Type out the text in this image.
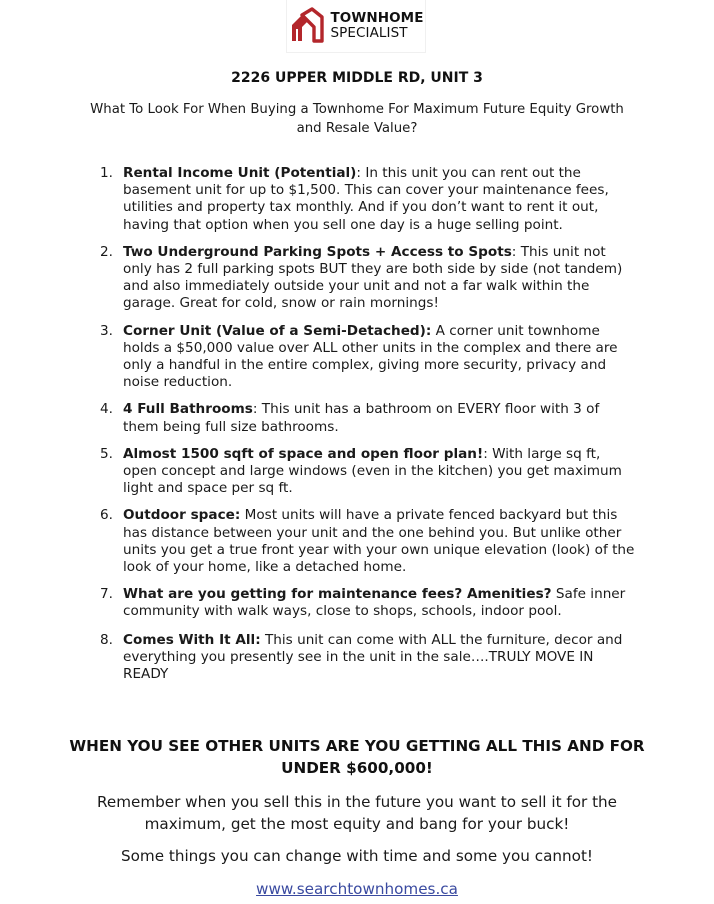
TOWNHOME
SPECIALIST
2226 UPPER MIDDLE RD, UNIT 3
What To Look For When Buying a Townhome For Maximum Future Equity Growth and Resale Value?
1. Rental Income Unit (Potential): In this unit you can rent out the basement unit for up to $1,500. This can cover your maintenance fees, utilities and property tax monthly. And if you don’t want to rent it out, having that option when you sell one day is a huge selling point.
2. Two Underground Parking Spots + Access to Spots: This unit not only has 2 full parking spots BUT they are both side by side (not tandem) and also immediately outside your unit and not a far walk within the garage. Great for cold, snow or rain mornings!
3. Corner Unit (Value of a Semi-Detached): A corner unit townhome holds a $50,000 value over ALL other units in the complex and there are only a handful in the entire complex, giving more security, privacy and noise reduction.
4. 4 Full Bathrooms: This unit has a bathroom on EVERY floor with 3 of them being full size bathrooms.
5. Almost 1500 sqft of space and open floor plan!: With large sq ft, open concept and large windows (even in the kitchen) you get maximum light and space per sq ft.
6. Outdoor space: Most units will have a private fenced backyard but this has distance between your unit and the one behind you. But unlike other units you get a true front year with your own unique elevation (look) of the look of your home, like a detached home.
7. What are you getting for maintenance fees? Amenities? Safe inner community with walk ways, close to shops, schools, indoor pool.
8. Comes With It All: This unit can come with ALL the furniture, decor and everything you presently see in the unit in the sale….TRULY MOVE IN READY
WHEN YOU SEE OTHER UNITS ARE YOU GETTING ALL THIS AND FOR UNDER $600,000!
Remember when you sell this in the future you want to sell it for the maximum, get the most equity and bang for your buck!
Some things you can change with time and some you cannot!
www.searchtownhomes.ca
